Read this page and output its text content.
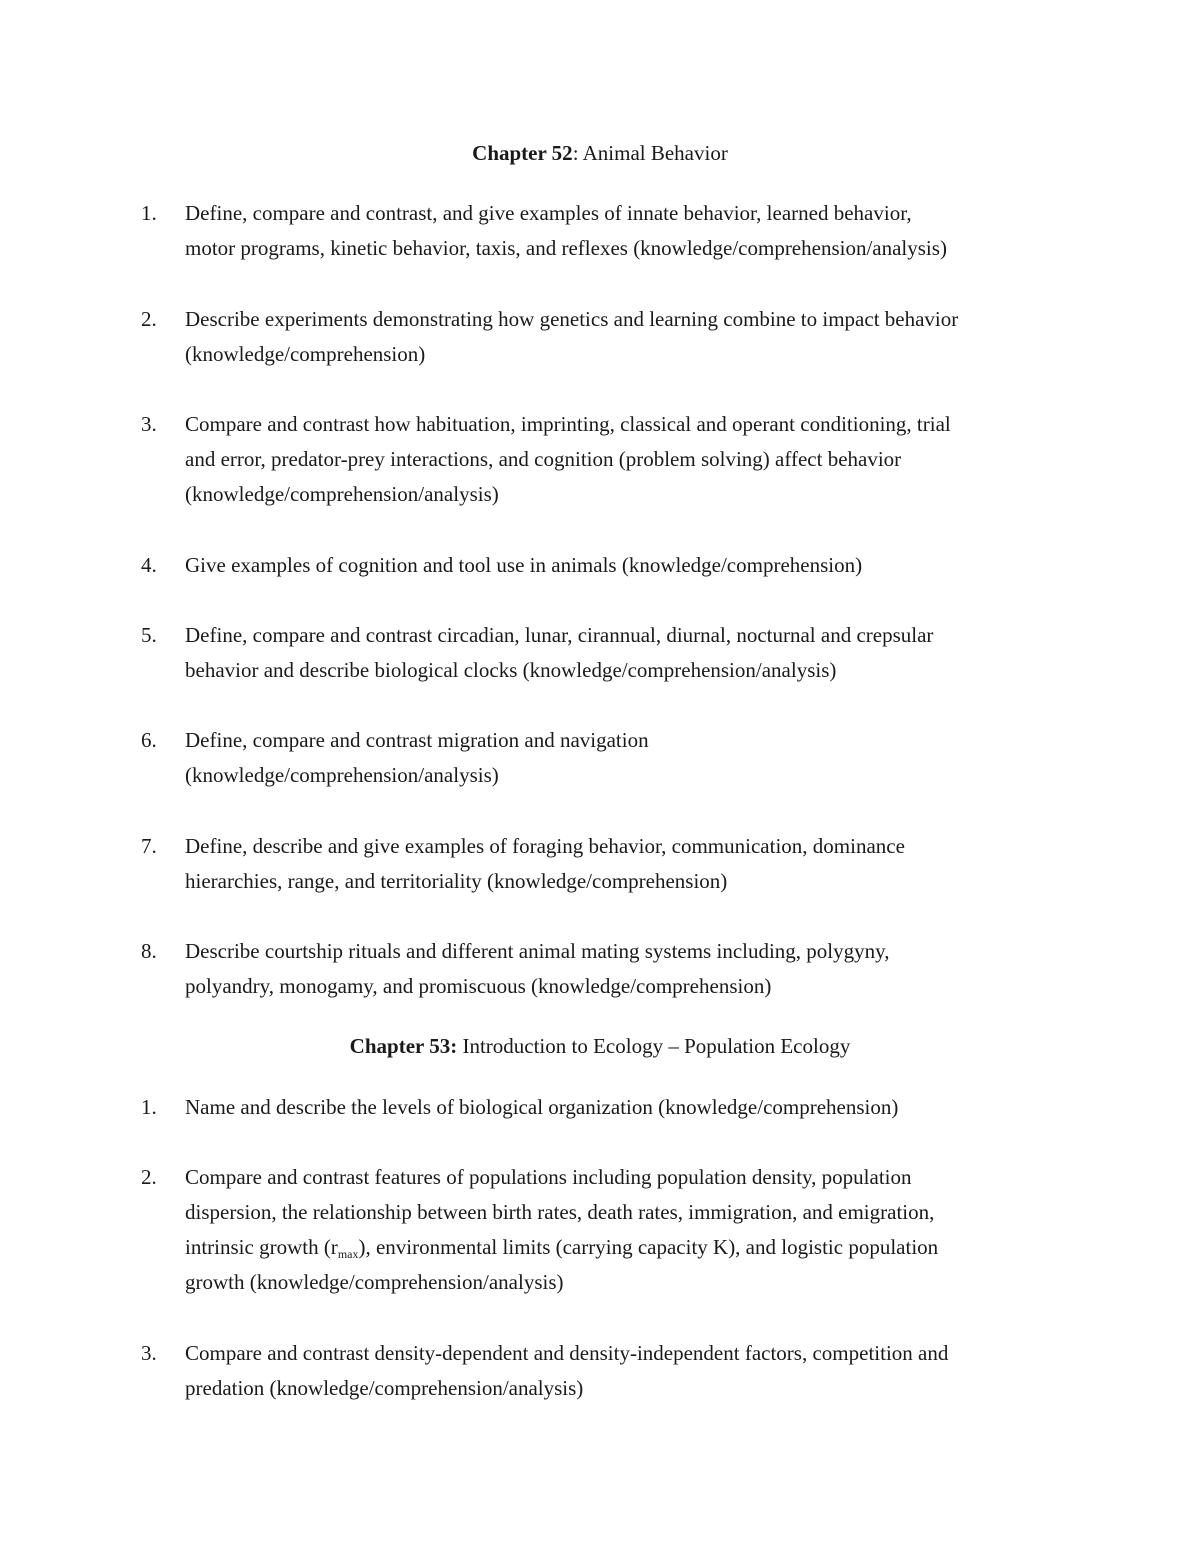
Chapter 52: Animal Behavior
1. Define, compare and contrast, and give examples of innate behavior, learned behavior,
motor programs, kinetic behavior, taxis, and reflexes (knowledge/comprehension/analysis)
2. Describe experiments demonstrating how genetics and learning combine to impact behavior
(knowledge/comprehension)
3. Compare and contrast how habituation, imprinting, classical and operant conditioning, trial
and error, predator-prey interactions, and cognition (problem solving) affect behavior
(knowledge/comprehension/analysis)
4. Give examples of cognition and tool use in animals (knowledge/comprehension)
5. Define, compare and contrast circadian, lunar, cirannual, diurnal, nocturnal and crepsular
behavior and describe biological clocks (knowledge/comprehension/analysis)
6. Define, compare and contrast migration and navigation
(knowledge/comprehension/analysis)
7. Define, describe and give examples of foraging behavior, communication, dominance
hierarchies, range, and territoriality (knowledge/comprehension)
8. Describe courtship rituals and different animal mating systems including, polygyny,
polyandry, monogamy, and promiscuous (knowledge/comprehension)
Chapter 53: Introduction to Ecology – Population Ecology
1. Name and describe the levels of biological organization (knowledge/comprehension)
2. Compare and contrast features of populations including population density, population
dispersion, the relationship between birth rates, death rates, immigration, and emigration,
intrinsic growth $(r_{max})$, environmental limits (carrying capacity K), and logistic population
growth (knowledge/comprehension/analysis)
3. Compare and contrast density-dependent and density-independent factors, competition and
predation (knowledge/comprehension/analysis)
